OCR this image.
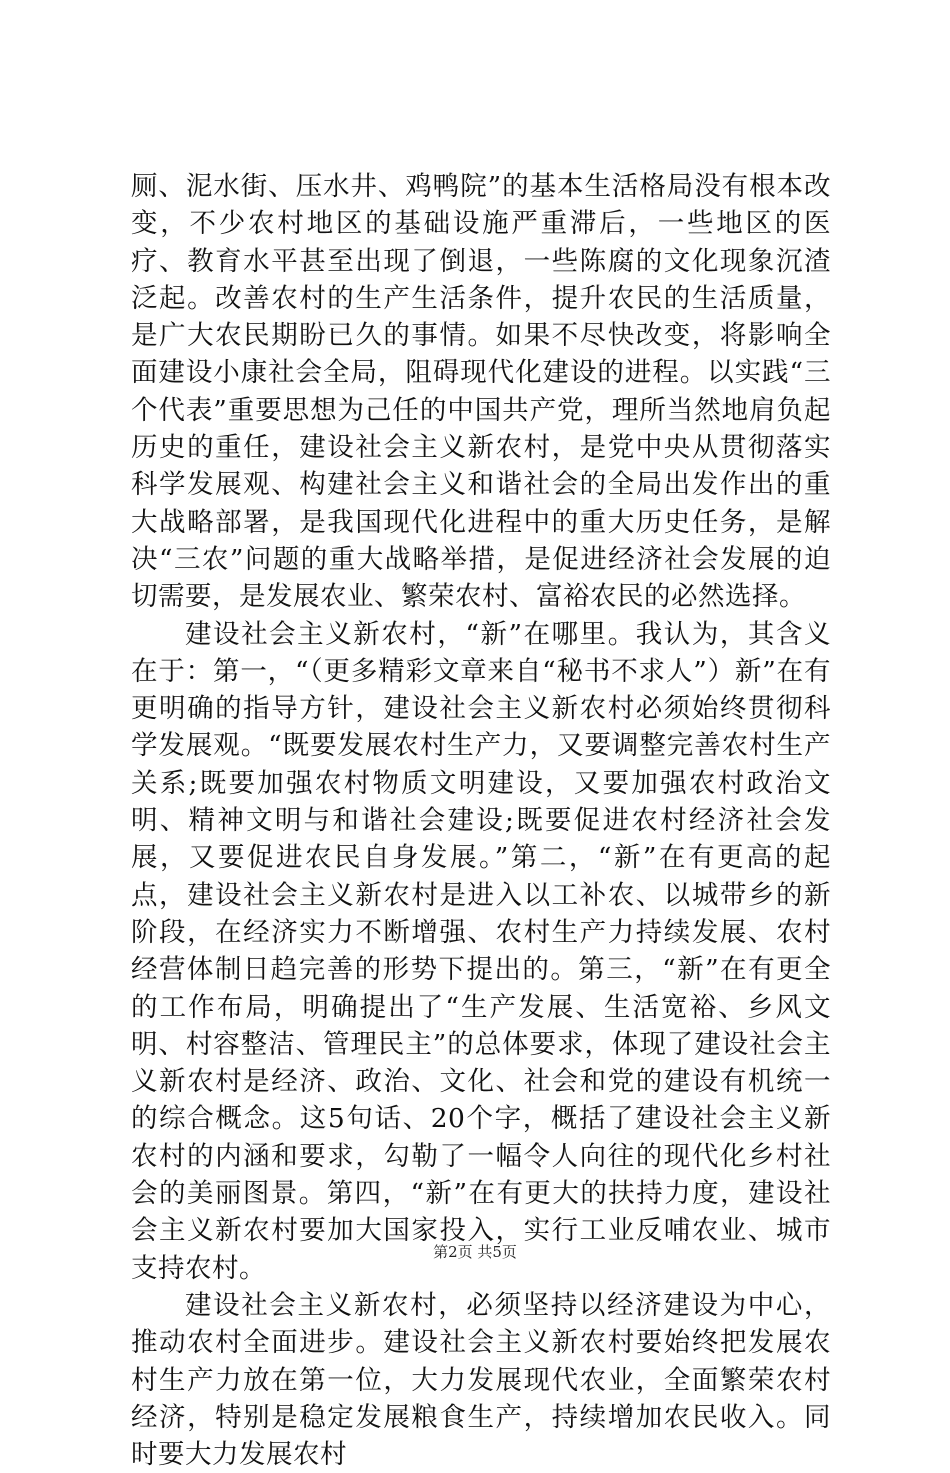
厕、泥水街、压水井、鸡鸭院”的基本生活格局没有根本改变，不少农村地区的基础设施严重滞后，一些地区的医疗、教育水平甚至出现了倒退，一些陈腐的文化现象沉渣泛起。改善农村的生产生活条件，提升农民的生活质量，是广大农民期盼已久的事情。如果不尽快改变，将影响全面建设小康社会全局，阻碍现代化建设的进程。以实践“三个代表”重要思想为己任的中国共产党，理所当然地肩负起历史的重任，建设社会主义新农村，是党中央从贯彻落实科学发展观、构建社会主义和谐社会的全局出发作出的重大战略部署，是我国现代化进程中的重大历史任务，是解决“三农”问题的重大战略举措，是促进经济社会发展的迫切需要，是发展农业、繁荣农村、富裕农民的必然选择。

建设社会主义新农村，“新”在哪里。我认为，其含义在于：第一，“（更多精彩文章来自“秘书不求人”）新”在有更明确的指导方针，建设社会主义新农村必须始终贯彻科学发展观。“既要发展农村生产力，又要调整完善农村生产关系;既要加强农村物质文明建设，又要加强农村政治文明、精神文明与和谐社会建设;既要促进农村经济社会发展，又要促进农民自身发展。”第二，“新”在有更高的起点，建设社会主义新农村是进入以工补农、以城带乡的新阶段，在经济实力不断增强、农村生产力持续发展、农村经营体制日趋完善的形势下提出的。第三，“新”在有更全的工作布局，明确提出了“生产发展、生活宽裕、乡风文明、村容整洁、管理民主”的总体要求，体现了建设社会主义新农村是经济、政治、文化、社会和党的建设有机统一的综合概念。这5句话、20个字，概括了建设社会主义新农村的内涵和要求，勾勒了一幅令人向往的现代化乡村社会的美丽图景。第四，“新”在有更大的扶持力度，建设社会主义新农村要加大国家投入，实行工业反哺农业、城市支持农村。

建设社会主义新农村，必须坚持以经济建设为中心，推动农村全面进步。建设社会主义新农村要始终把发展农村生产力放在第一位，大力发展现代农业，全面繁荣农村经济，特别是稳定发展粮食生产，持续增加农民收入。同时要大力发展农村

第2页 共5页
